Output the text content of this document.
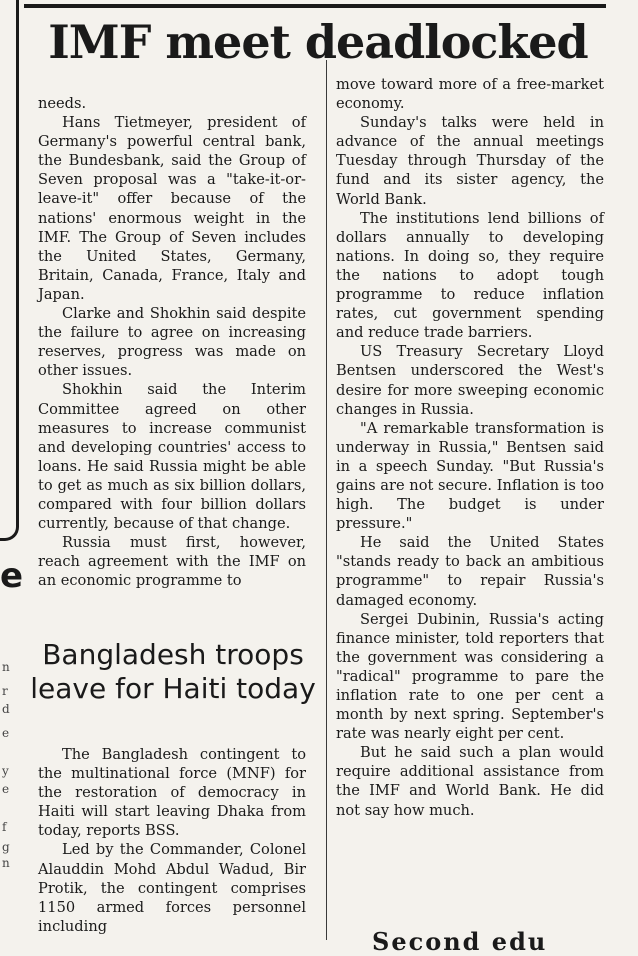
IMF meet deadlocked

needs.

Hans Tietmeyer, president of Germany's powerful central bank, the Bundesbank, said the Group of Seven proposal was a "take-it-or-leave-it" offer because of the nations' enormous weight in the IMF. The Group of Seven includes the United States, Germany, Britain, Canada, France, Italy and Japan.

Clarke and Shokhin said despite the failure to agree on increasing reserves, progress was made on other issues.

Shokhin said the Interim Committee agreed on other measures to increase communist and developing countries' access to loans. He said Russia might be able to get as much as six billion dollars, compared with four billion dollars currently, because of that change.

Russia must first, however, reach agreement with the IMF on an economic programme to

move toward more of a free-market economy.

Sunday's talks were held in advance of the annual meetings Tuesday through Thursday of the fund and its sister agency, the World Bank.

The institutions lend billions of dollars annually to developing nations. In doing so, they require the nations to adopt tough programme to reduce inflation rates, cut government spending and reduce trade barriers.

US Treasury Secretary Lloyd Bentsen underscored the West's desire for more sweeping economic changes in Russia.

"A remarkable transformation is underway in Russia," Bentsen said in a speech Sunday. "But Russia's gains are not secure. Inflation is too high. The budget is under pressure."

He said the United States "stands ready to back an ambitious programme" to repair Russia's damaged economy.

Sergei Dubinin, Russia's acting finance minister, told reporters that the government was considering a "radical" programme to pare the inflation rate to one per cent a month by next spring. September's rate was nearly eight per cent.

But he said such a plan would require additional assistance from the IMF and World Bank. He did not say how much.

Bangladesh troops leave for Haiti today

The Bangladesh contingent to the multinational force (MNF) for the restoration of democracy in Haiti will start leaving Dhaka from today, reports BSS.

Led by the Commander, Colonel Alauddin Mohd Abdul Wadud, Bir Protik, the contingent comprises 1150 armed forces personnel including

e
n
r
d
e
y
e
f
g
n
Second edu
